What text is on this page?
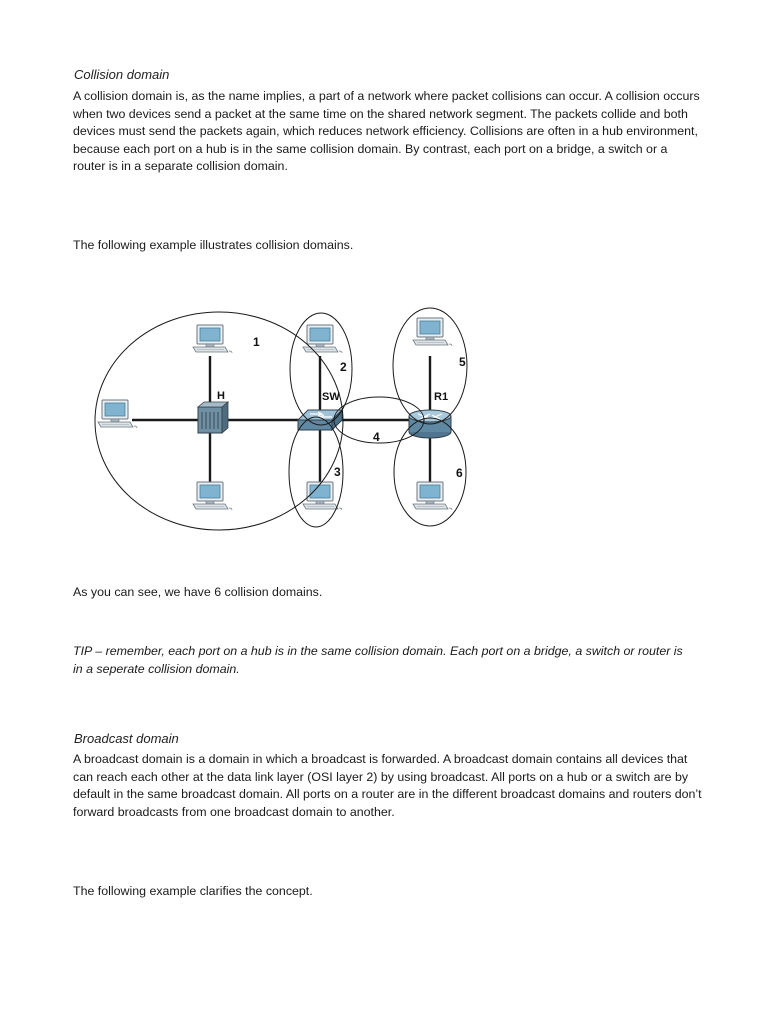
Collision domain

A collision domain is, as the name implies, a part of a network where packet collisions can occur. A collision occurs when two devices send a packet at the same time on the shared network segment. The packets collide and both devices must send the packets again, which reduces network efficiency. Collisions are often in a hub environment, because each port on a hub is in the same collision domain. By contrast, each port on a bridge, a switch or a router is in a separate collision domain.

The following example illustrates collision domains.

H	SW	R1
1
2
3
4
5
6

As you can see, we have 6 collision domains.

TIP – remember, each port on a hub is in the same collision domain. Each port on a bridge, a switch or router is in a seperate collision domain.

Broadcast domain

A broadcast domain is a domain in which a broadcast is forwarded. A broadcast domain contains all devices that can reach each other at the data link layer (OSI layer 2) by using broadcast. All ports on a hub or a switch are by default in the same broadcast domain. All ports on a router are in the different broadcast domains and routers don’t forward broadcasts from one broadcast domain to another.

The following example clarifies the concept.
